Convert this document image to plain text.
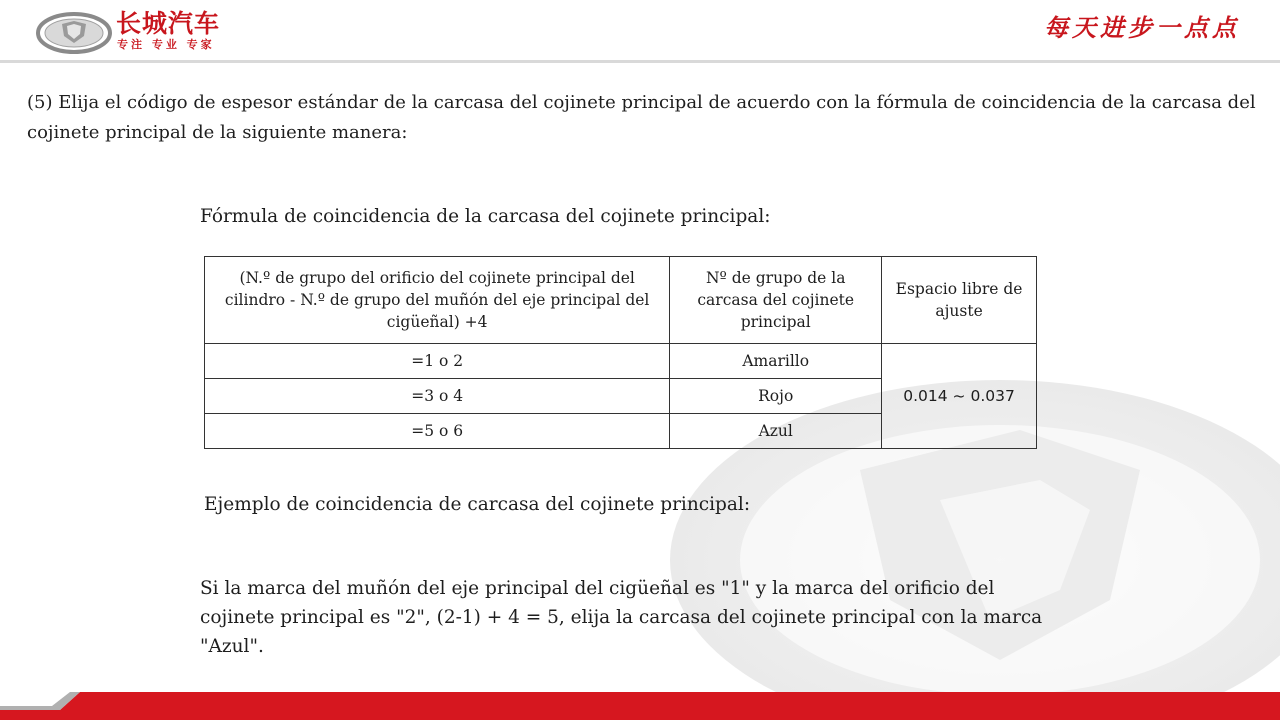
长城汽车
专注 专业 专家
每天进步一点点

(5) Elija el código de espesor estándar de la carcasa del cojinete principal de acuerdo con la fórmula de coincidencia de la carcasa del cojinete principal de la siguiente manera:

Fórmula de coincidencia de la carcasa del cojinete principal:

(N.º de grupo del orificio del cojinete principal del cilindro - N.º de grupo del muñón del eje principal del cigüeñal) +4	Nº de grupo de la carcasa del cojinete principal	Espacio libre de ajuste
=1 o 2	Amarillo	0.014 ~ 0.037
=3 o 4	Rojo	
=5 o 6	Azul	

Ejemplo de coincidencia de carcasa del cojinete principal:

Si la marca del muñón del eje principal del cigüeñal es "1" y la marca del orificio del cojinete principal es "2", (2-1) + 4 = 5, elija la carcasa del cojinete principal con la marca "Azul".
